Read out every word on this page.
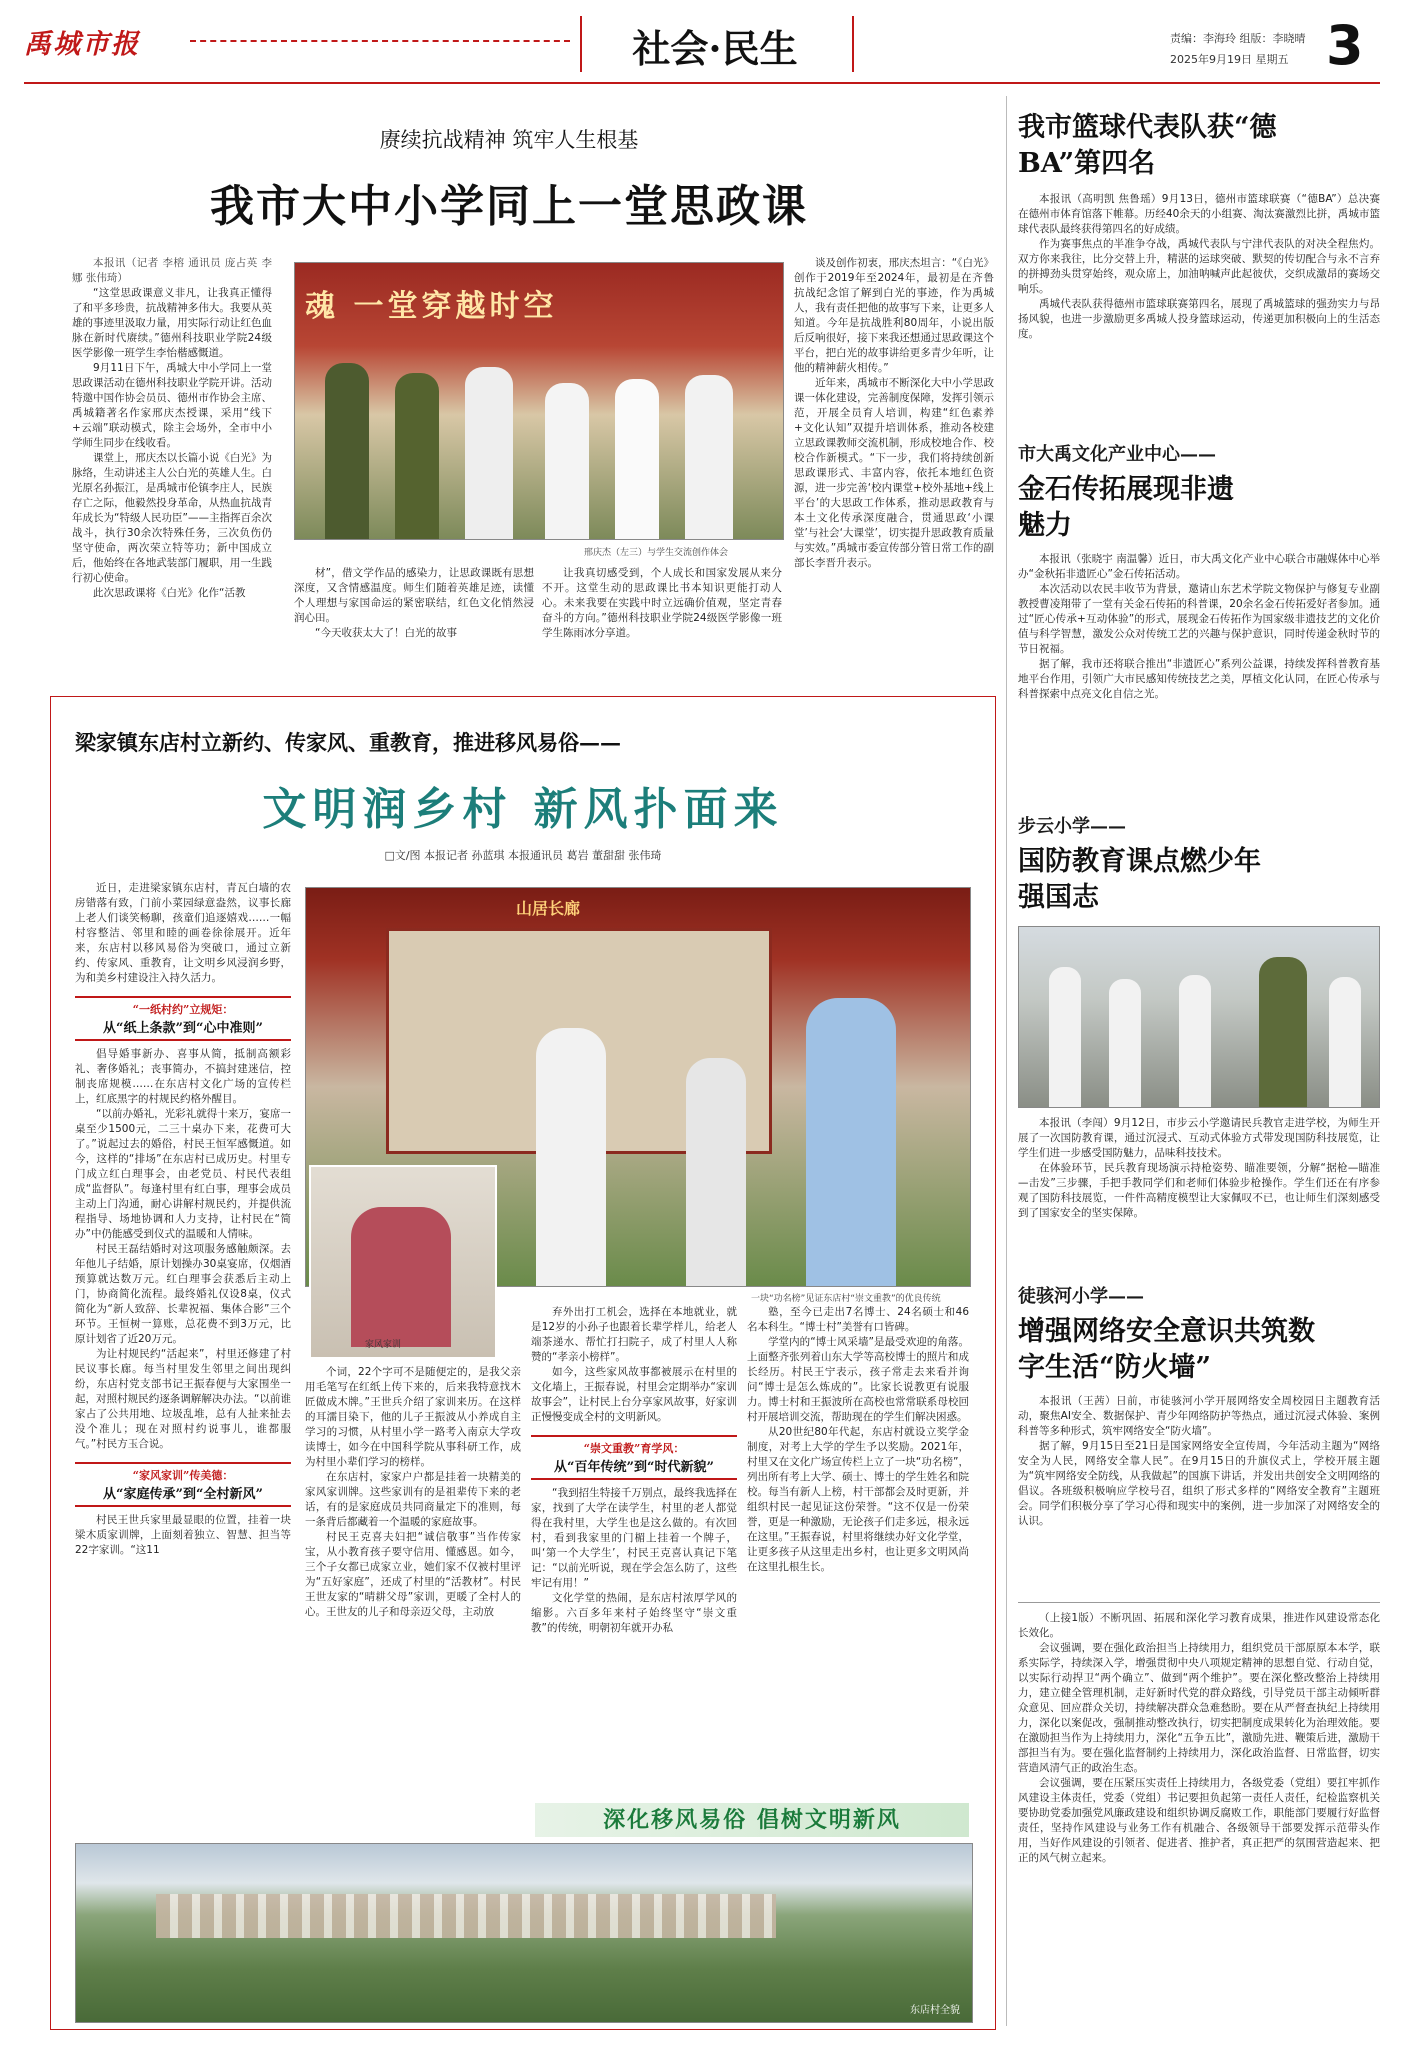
禹城市报	社会·民生	责编：李海玲 组版：李晓晴
2025年9月19日 星期五 3
赓续抗战精神 筑牢人生根基
我市大中小学同上一堂思政课

本报讯（记者 李榕 通讯员 庞占英 李娜 张伟琦）

“这堂思政课意义非凡，让我真正懂得了和平多珍贵，抗战精神多伟大。我要从英雄的事迹里汲取力量，用实际行动让红色血脉在新时代赓续。”德州科技职业学院24级医学影像一班学生李怡楷感慨道。

9月11日下午，禹城大中小学同上一堂思政课活动在德州科技职业学院开讲。活动特邀中国作协会员员、德州市作协会主席、禹城籍著名作家邢庆杰授课，采用“线下+云端”联动模式，除主会场外，全市中小学师生同步在线收看。

课堂上，邢庆杰以长篇小说《白光》为脉络，生动讲述主人公白光的英雄人生。白光原名孙振江，是禹城市伦镇李庄人，民族存亡之际，他毅然投身革命，从热血抗战青年成长为“特级人民功臣”——主指挥百余次战斗，执行30余次特殊任务，三次负伤仍坚守使命，两次荣立特等功；新中国成立后，他始终在各地武装部门履职，用一生践行初心使命。

此次思政课将《白光》化作“活教

魂 一堂穿越时空
邢庆杰（左三）与学生交流创作体会

材”，借文学作品的感染力，让思政课既有思想深度，又含情感温度。师生们随着英雄足迹，读懂个人理想与家国命运的紧密联结，红色文化悄然浸润心田。

“今天收获太大了！白光的故事

让我真切感受到，个人成长和国家发展从来分不开。这堂生动的思政课比书本知识更能打动人心。未来我要在实践中时立远确价值观，坚定青春奋斗的方向。”德州科技职业学院24级医学影像一班学生陈雨冰分享道。

谈及创作初衷，邢庆杰坦言：“《白光》创作于2019年至2024年，最初是在齐鲁抗战纪念馆了解到白光的事迹，作为禹城人，我有责任把他的故事写下来，让更多人知道。今年是抗战胜利80周年，小说出版后反响很好，接下来我还想通过思政课这个平台，把白光的故事讲给更多青少年听，让他的精神薪火相传。”

近年来，禹城市不断深化大中小学思政课一体化建设，完善制度保障，发挥引领示范，开展全员育人培训，构建“红色素养+文化认知”双提升培训体系，推动各校建立思政课教师交流机制，形成校地合作、校校合作新模式。“下一步，我们将持续创新思政课形式、丰富内容，依托本地红色资源，进一步完善‘校内课堂+校外基地+线上平台’的大思政工作体系，推动思政教育与本土文化传承深度融合，贯通思政‘小课堂’与社会‘大课堂’，切实提升思政教育质量与实效。”禹城市委宣传部分管日常工作的副部长李晋升表示。

梁家镇东店村立新约、传家风、重教育，推进移风易俗——
文明润乡村 新风扑面来
□文/图 本报记者 孙蓝琪 本报通讯员 葛岩 董甜甜 张伟琦

近日，走进梁家镇东店村，青瓦白墙的农房错落有致，门前小菜园绿意盎然，议事长廊上老人们谈笑畅聊，孩童们追逐嬉戏……一幅村容整洁、邻里和睦的画卷徐徐展开。近年来，东店村以移风易俗为突破口，通过立新约、传家风、重教育，让文明乡风浸润乡野，为和美乡村建设注入持久活力。

“一纸村约”立规矩：
从“纸上条款”到“心中准则”

倡导婚事新办、喜事从简，抵制高额彩礼、奢侈婚礼；丧事简办，不搞封建迷信，控制丧席规模……在东店村文化广场的宣传栏上，红底黑字的村规民约格外醒目。

“以前办婚礼，光彩礼就得十来万，宴席一桌至少1500元，二三十桌办下来，花费可大了。”说起过去的婚俗，村民王恒军感慨道。如今，这样的“排场”在东店村已成历史。村里专门成立红白理事会，由老党员、村民代表组成“监督队”。每逢村里有红白事，理事会成员主动上门沟通，耐心讲解村规民约，并提供流程指导、场地协调和人力支持，让村民在“简办”中仍能感受到仪式的温暖和人情味。

村民王磊结婚时对这项服务感触颇深。去年他儿子结婚，原计划操办30桌宴席，仅烟酒预算就达数万元。红白理事会获悉后主动上门，协商简化流程。最终婚礼仅设8桌，仪式简化为“新人致辞、长辈祝福、集体合影”三个环节。王恒树一算账，总花费不到3万元，比原计划省了近20万元。

为让村规民约“活起来”，村里还修建了村民议事长廊。每当村里发生邻里之间出现纠纷，东店村党支部书记王振春便与大家围坐一起，对照村规民约逐条调解解决办法。“以前谁家占了公共用地、垃圾乱堆，总有人扯来扯去没个准儿；现在对照村约说事儿，谁都服气。”村民方玉合说。

“家风家训”传美德：
从“家庭传承”到“全村新风”

村民王世兵家里最显眼的位置，挂着一块梁木质家训牌，上面刻着独立、智慧、担当等22字家训。“这11

山居长廊
家风家训
一块“功名榜”见证东店村“崇文重教”的优良传统

个词，22个字可不是随便定的，是我父亲用毛笔写在红纸上传下来的，后来我特意找木匠做成木牌。”王世兵介绍了家训来历。在这样的耳濡目染下，他的儿子王振波从小养成自主学习的习惯，从村里小学一路考入南京大学攻读博士，如今在中国科学院从事科研工作，成为村里小辈们学习的榜样。

在东店村，家家户户都是挂着一块精美的家风家训牌。这些家训有的是祖辈传下来的老话，有的是家庭成员共同商量定下的准则，每一条背后都藏着一个温暖的家庭故事。

村民王克喜夫妇把“诚信敬事”当作传家宝，从小教育孩子要守信用、懂感恩。如今，三个子女都已成家立业，她们家不仅被村里评为“五好家庭”，还成了村里的“活教材”。村民王世友家的“晴耕父母”家训，更暖了全村人的心。王世友的儿子和母亲迈父母，主动放

弃外出打工机会，选择在本地就业，就是12岁的小孙子也跟着长辈学样儿，给老人端茶递水、帮忙打扫院子，成了村里人人称赞的“孝亲小榜样”。

如今，这些家风故事都被展示在村里的文化墙上，王振春说，村里会定期举办“家训故事会”，让村民上台分享家风故事，好家训正慢慢变成全村的文明新风。

“崇文重教”育学风：
从“百年传统”到“时代新貌”

“我到招生特接千万别点，最终我选择在家，找到了大学在读学生，村里的老人都觉得在我村里，大学生也是这么做的。有次回村，看到我家里的门楣上挂着一个牌子，叫‘第一个大学生’，村民王克喜认真记下笔记：“以前光听说，现在学会怎么防了，这些牢记有用！”

文化学堂的热闹，是东店村浓厚学风的缩影。六百多年来村子始终坚守“崇文重教”的传统，明朝初年就开办私

塾，至今已走出7名博士、24名硕士和46名本科生。“博士村”美誉有口皆碑。

学堂内的“博士风采墙”是最受欢迎的角落。上面整齐张列着山东大学等高校博士的照片和成长经历。村民王宁表示，孩子常走去来看并询问“博士是怎么炼成的”。比家长说教更有说服力。博士村和王振波所在高校也常常联系母校回村开展培训交流，帮助现在的学生们解决困惑。

从20世纪80年代起，东店村就设立奖学金制度，对考上大学的学生予以奖励。2021年，村里又在文化广场宣传栏上立了一块“功名榜”，列出所有考上大学、硕士、博士的学生姓名和院校。每当有新人上榜，村干部都会及时更新，并组织村民一起见证这份荣誉。“这不仅是一份荣誉，更是一种激励，无论孩子们走多远，根永远在这里。”王振春说，村里将继续办好文化学堂，让更多孩子从这里走出乡村，也让更多文明风尚在这里扎根生长。

深化移风易俗 倡树文明新风
东店村全貌
我市篮球代表队获“德BA”第四名

本报讯（高明凯 焦鲁瑶）9月13日，德州市篮球联赛（“德BA”）总决赛在德州市体育馆落下帷幕。历经40余天的小组赛、淘汰赛激烈比拼，禹城市篮球代表队最终获得第四名的好成绩。

作为赛事焦点的半准争夺战，禹城代表队与宁津代表队的对决全程焦灼。双方你来我往，比分交替上升，精湛的运球突破、默契的传切配合与永不言弃的拼搏劲头贯穿始终，观众席上，加油呐喊声此起彼伏，交织成激昂的赛场交响乐。

禹城代表队获得德州市篮球联赛第四名，展现了禹城篮球的强劲实力与昂扬风貌，也进一步激励更多禹城人投身篮球运动，传递更加积极向上的生活态度。

市大禹文化产业中心——
金石传拓展现非遗魅力

本报讯（张晓宇 南温馨）近日，市大禹文化产业中心联合市融媒体中心举办“金秋拓非遗匠心”金石传拓活动。

本次活动以农民丰收节为背景，邀请山东艺术学院文物保护与修复专业副教授曹凌翔带了一堂有关金石传拓的科普课，20余名金石传拓爱好者参加。通过“匠心传承+互动体验”的形式，展现金石传拓作为国家级非遗技艺的文化价值与科学智慧，激发公众对传统工艺的兴趣与保护意识，同时传递金秋时节的节日祝福。

据了解，我市还将联合推出“非遗匠心”系列公益课，持续发挥科普教育基地平台作用，引领广大市民感知传统技艺之美，厚植文化认同，在匠心传承与科普探索中点亮文化自信之光。

步云小学——
国防教育课点燃少年强国志

本报讯（李闯）9月12日，市步云小学邀请民兵教官走进学校，为师生开展了一次国防教育课，通过沉浸式、互动式体验方式带发现国防科技展览，让学生们进一步感受国防魅力，品味科技技术。

在体验环节，民兵教育现场演示持枪姿势、瞄准要领，分解“据枪—瞄准—击发”三步骤，手把手教同学们和老师们体验步枪操作。学生们还在有序参观了国防科技展览，一件件高精度模型让大家佩叹不已，也让师生们深刻感受到了国家安全的坚实保障。

徒骇河小学——
增强网络安全意识共筑数字生活“防火墙”

本报讯（王茜）日前，市徒骇河小学开展网络安全周校园日主题教育活动，聚焦AI安全、数据保护、青少年网络防护等热点，通过沉浸式体验、案例科普等多种形式，筑牢网络安全“防火墙”。

据了解，9月15日至21日是国家网络安全宣传周，今年活动主题为“网络安全为人民，网络安全靠人民”。在9月15日的升旗仪式上，学校开展主题为“筑牢网络安全防线，从我做起”的国旗下讲话，并发出共创安全文明网络的倡议。各班级积极响应学校号召，组织了形式多样的“网络安全教育”主题班会。同学们积极分享了学习心得和现实中的案例，进一步加深了对网络安全的认识。

（上接1版）不断巩固、拓展和深化学习教育成果，推进作风建设常态化长效化。

会议强调，要在强化政治担当上持续用力，组织党员干部原原本本学，联系实际学，持续深入学，增强贯彻中央八项规定精神的思想自觉、行动自觉，以实际行动捍卫“两个确立”、做到“两个维护”。要在深化整改整治上持续用力，建立健全管理机制，走好新时代党的群众路线，引导党员干部主动倾听群众意见、回应群众关切，持续解决群众急难愁盼。要在从严督查执纪上持续用力，深化以案促改，强制推动整改执行，切实把制度成果转化为治理效能。要在激励担当作为上持续用力，深化“五争五比”，激励先进、鞭策后进，激励干部担当有为。要在强化监督制约上持续用力，深化政治监督、日常监督，切实营造风清气正的政治生态。

会议强调，要在压紧压实责任上持续用力，各级党委（党组）要扛牢抓作风建设主体责任，党委（党组）书记要担负起第一责任人责任，纪检监察机关要协助党委加强党风廉政建设和组织协调反腐败工作，职能部门要履行好监督责任，坚持作风建设与业务工作有机融合、各级领导干部要发挥示范带头作用，当好作风建设的引领者、促进者、推护者，真正把严的氛围营造起来、把正的风气树立起来。
